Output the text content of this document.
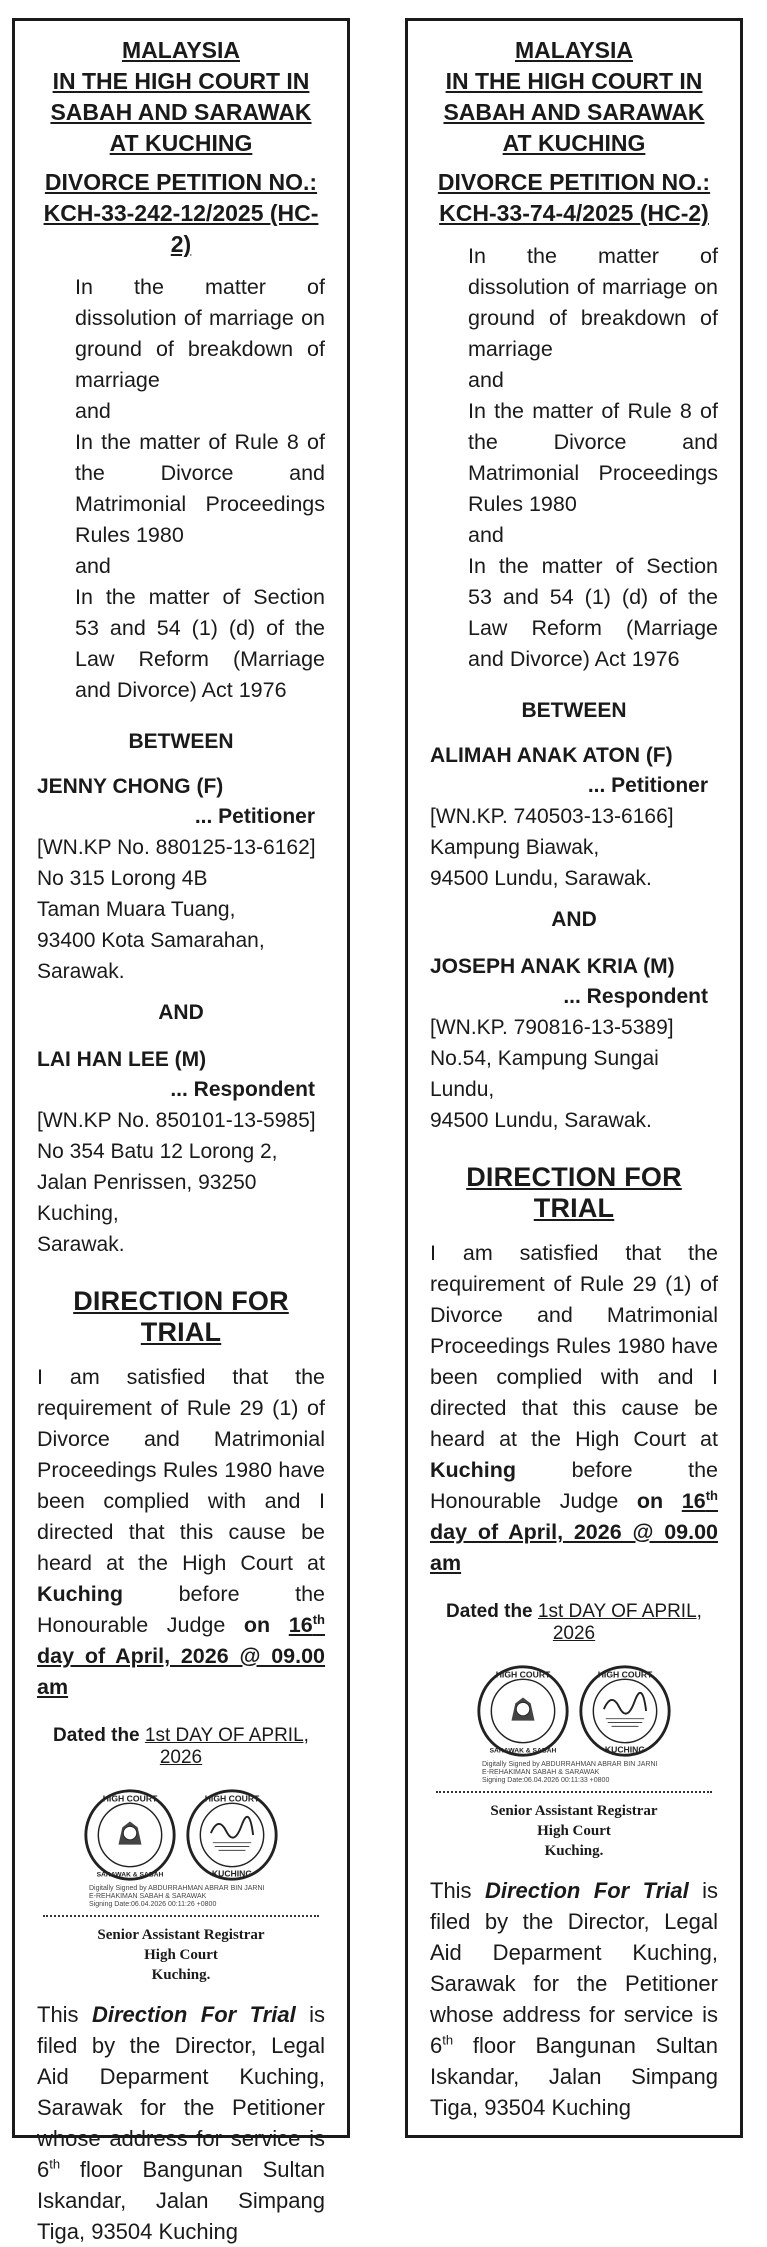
MALAYSIA

IN THE HIGH COURT IN

SABAH AND SARAWAK

AT KUCHING

DIVORCE PETITION NO.:
KCH-33-242-12/2025 (HC-2)

In the matter of dissolution of marriage on ground of breakdown of marriage

and

In the matter of Rule 8 of the Divorce and Matrimonial Proceedings Rules 1980

and

In the matter of Section 53 and 54 (1) (d) of the Law Reform (Marriage and Divorce) Act 1976

BETWEEN

JENNY CHONG (F)

... Petitioner

[WN.KP No. 880125-13-6162]

No 315 Lorong 4B

Taman Muara Tuang,

93400 Kota Samarahan,

Sarawak.

AND

LAI HAN LEE (M)

... Respondent

[WN.KP No. 850101-13-5985]

No 354 Batu 12 Lorong 2,

Jalan Penrissen, 93250 Kuching,

Sarawak.

DIRECTION FOR TRIAL

I am satisfied that the requirement of Rule 29 (1) of Divorce and Matrimonial Proceedings Rules 1980 have been complied with and I directed that this cause be heard at the High Court at Kuching before the Honourable Judge on 16th day of April, 2026 @ 09.00 am

Dated the 1st DAY OF APRIL, 2026
HIGH COURT
SARAWAK & SABAH
HIGH COURT
KUCHING
Digitally Signed by ABDURRAHMAN ABRAR BIN JARNI
E-REHAKIMAN SABAH & SARAWAK
Signing Date:06.04.2026 00:11:26 +0800

Senior Assistant Registrar

High Court

Kuching.

This Direction For Trial is filed by the Director, Legal Aid Deparment Kuching, Sarawak for the Petitioner whose address for service is 6th floor Bangunan Sultan Iskandar, Jalan Simpang Tiga, 93504 Kuching

MALAYSIA

IN THE HIGH COURT IN

SABAH AND SARAWAK

AT KUCHING

DIVORCE PETITION NO.:
KCH-33-74-4/2025 (HC-2)

In the matter of dissolution of marriage on ground of breakdown of marriage

and

In the matter of Rule 8 of the Divorce and Matrimonial Proceedings Rules 1980

and

In the matter of Section 53 and 54 (1) (d) of the Law Reform (Marriage and Divorce) Act 1976

BETWEEN

ALIMAH ANAK ATON (F)

... Petitioner

[WN.KP. 740503-13-6166]

Kampung Biawak,

94500 Lundu, Sarawak.

AND

JOSEPH ANAK KRIA (M)

... Respondent

[WN.KP. 790816-13-5389]

No.54, Kampung Sungai Lundu,

94500 Lundu, Sarawak.

DIRECTION FOR TRIAL

I am satisfied that the requirement of Rule 29 (1) of Divorce and Matrimonial Proceedings Rules 1980 have been complied with and I directed that this cause be heard at the High Court at Kuching before the Honourable Judge on 16th day of April, 2026 @ 09.00 am

Dated the 1st DAY OF APRIL, 2026
HIGH COURT
SARAWAK & SABAH
HIGH COURT
KUCHING
Digitally Signed by ABDURRAHMAN ABRAR BIN JARNI
E-REHAKIMAN SABAH & SARAWAK
Signing Date:06.04.2026 00:11:33 +0800

Senior Assistant Registrar

High Court

Kuching.

This Direction For Trial is filed by the Director, Legal Aid Deparment Kuching, Sarawak for the Petitioner whose address for service is 6th floor Bangunan Sultan Iskandar, Jalan Simpang Tiga, 93504 Kuching
